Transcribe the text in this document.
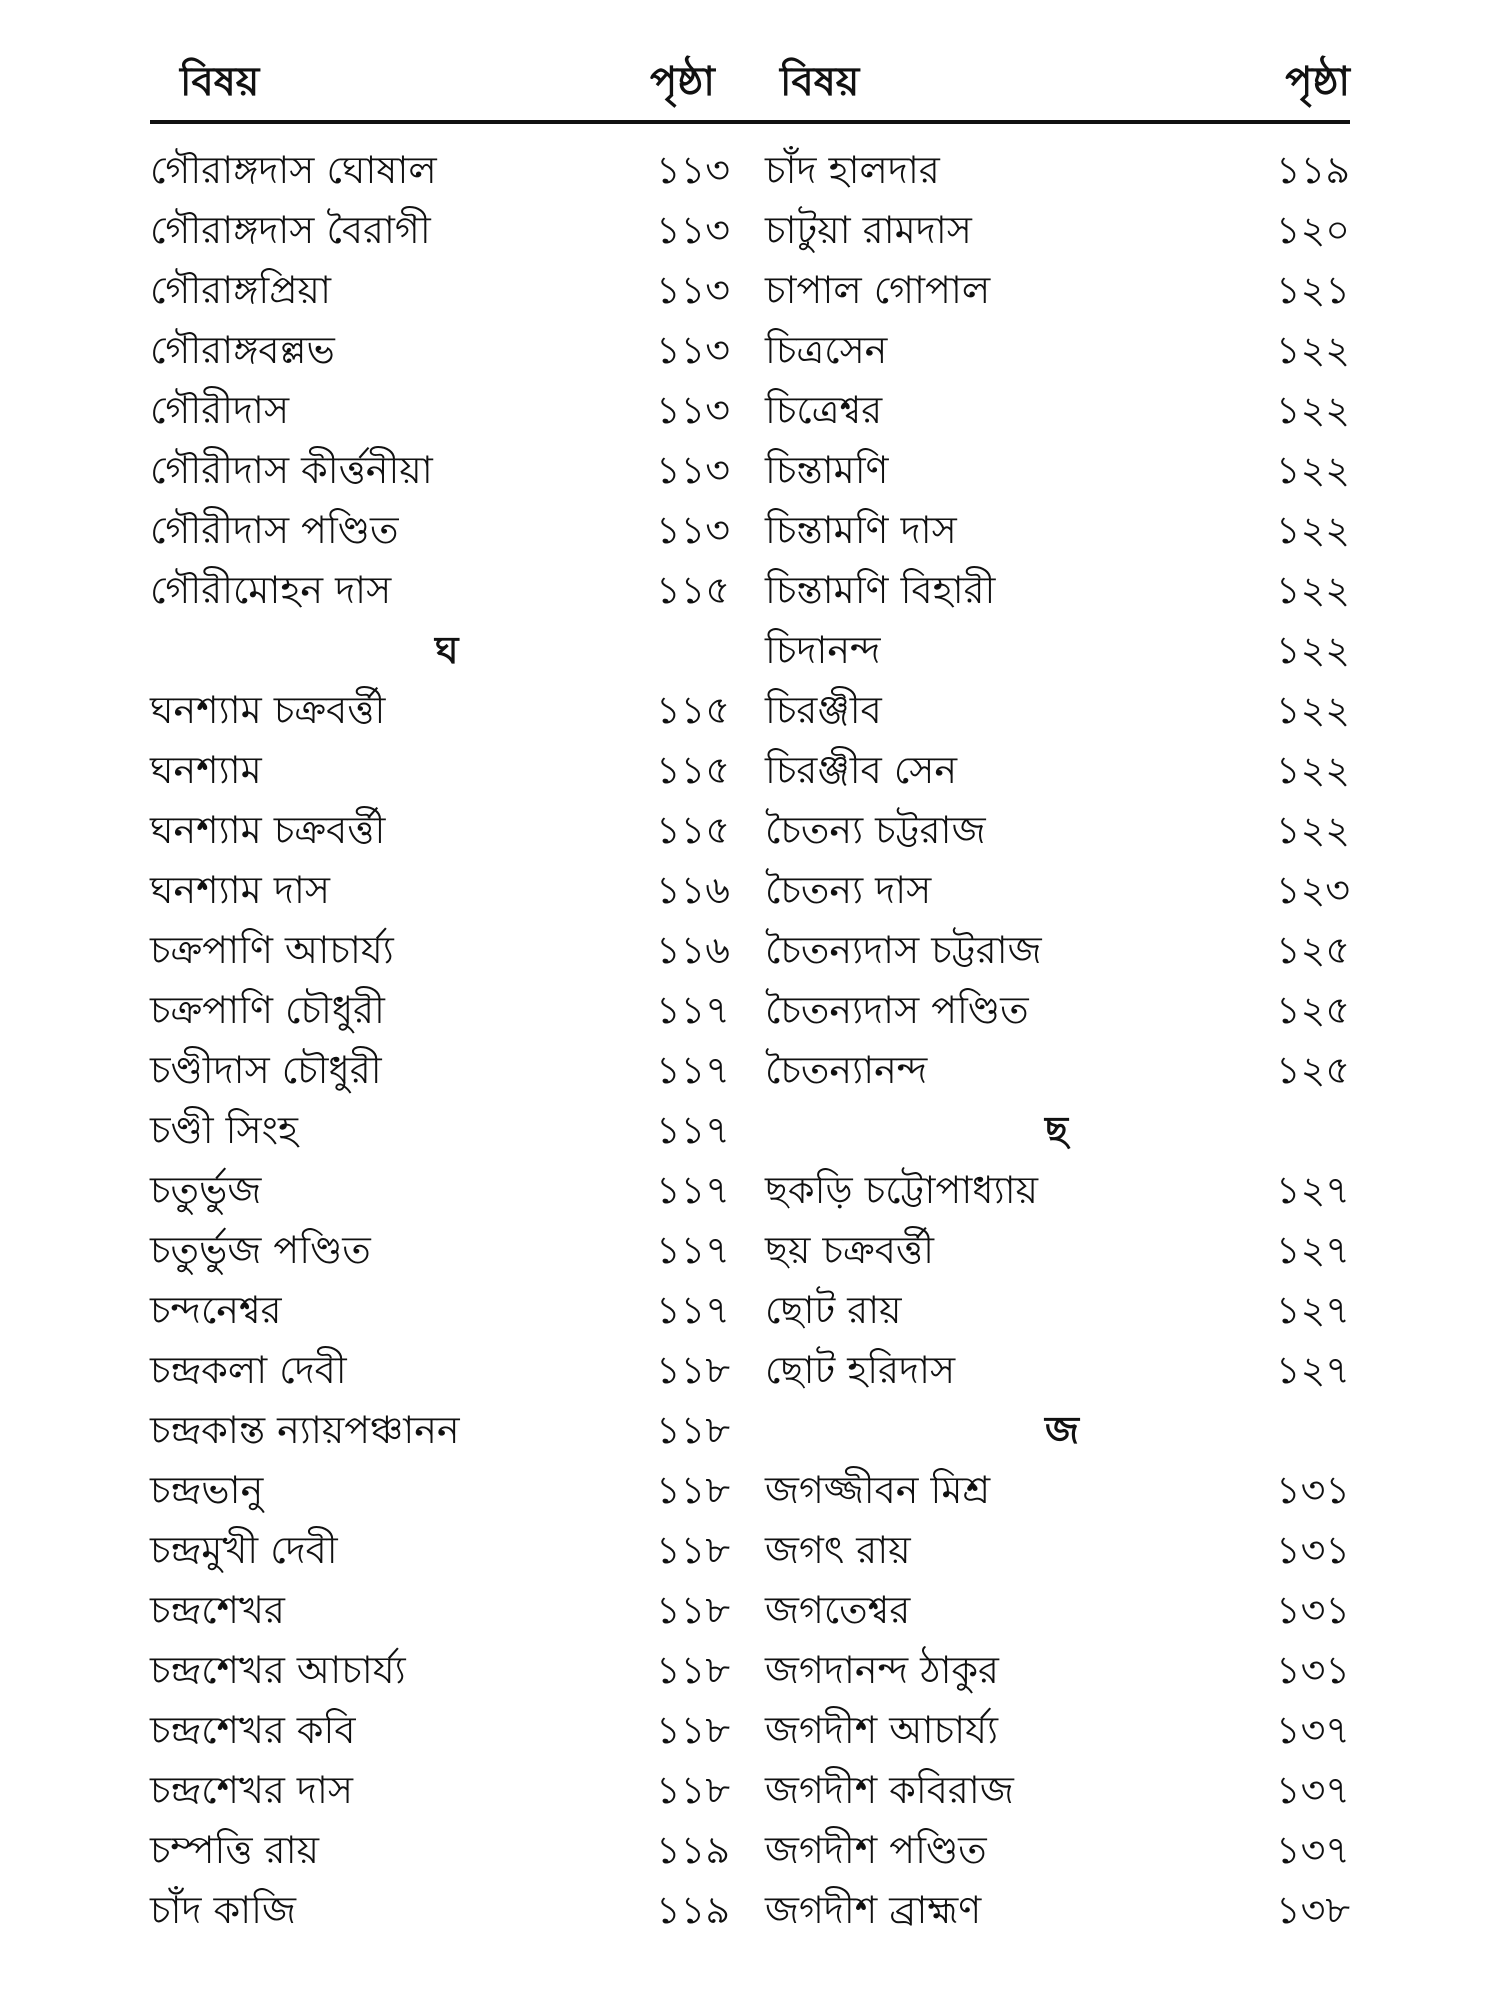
বিষয়	পৃষ্ঠা বিষয়	পৃষ্ঠা
গৌরাঙ্গদাস ঘোষাল	১১৩
গৌরাঙ্গদাস বৈরাগী	১১৩
গৌরাঙ্গপ্রিয়া	১১৩
গৌরাঙ্গবল্লভ	১১৩
গৌরীদাস	১১৩
গৌরীদাস কীর্ত্তনীয়া	১১৩
গৌরীদাস পণ্ডিত	১১৩
গৌরীমোহন দাস	১১৫
ঘ
ঘনশ্যাম চক্রবর্ত্তী	১১৫
ঘনশ্যাম	১১৫
ঘনশ্যাম চক্রবর্ত্তী	১১৫
ঘনশ্যাম দাস	১১৬
চক্রপাণি আচার্য্য	১১৬
চক্রপাণি চৌধুরী	১১৭
চণ্ডীদাস চৌধুরী	১১৭
চণ্ডী সিংহ	১১৭
চতুর্ভুজ	১১৭
চতুর্ভুজ পণ্ডিত	১১৭
চন্দনেশ্বর	১১৭
চন্দ্রকলা দেবী	১১৮
চন্দ্রকান্ত ন্যায়পঞ্চানন	১১৮
চন্দ্রভানু	১১৮
চন্দ্রমুখী দেবী	১১৮
চন্দ্রশেখর	১১৮
চন্দ্রশেখর আচার্য্য	১১৮
চন্দ্রশেখর কবি	১১৮
চন্দ্রশেখর দাস	১১৮
চম্পত্তি রায়	১১৯
চাঁদ কাজি	১১৯
চাঁদ হালদার	১১৯
চাটুয়া রামদাস	১২০
চাপাল গোপাল	১২১
চিত্রসেন	১২২
চিত্রেশ্বর	১২২
চিন্তামণি	১২২
চিন্তামণি দাস	১২২
চিন্তামণি বিহারী	১২২
চিদানন্দ	১২২
চিরঞ্জীব	১২২
চিরঞ্জীব সেন	১২২
চৈতন্য চট্টরাজ	১২২
চৈতন্য দাস	১২৩
চৈতন্যদাস চট্টরাজ	১২৫
চৈতন্যদাস পণ্ডিত	১২৫
চৈতন্যানন্দ	১২৫
ছ
ছকড়ি চট্টোপাধ্যায়	১২৭
ছয় চক্রবর্ত্তী	১২৭
ছোট রায়	১২৭
ছোট হরিদাস	১২৭
জ
জগজ্জীবন মিশ্র	১৩১
জগৎ রায়	১৩১
জগতেশ্বর	১৩১
জগদানন্দ ঠাকুর	১৩১
জগদীশ আচার্য্য	১৩৭
জগদীশ কবিরাজ	১৩৭
জগদীশ পণ্ডিত	১৩৭
জগদীশ ব্রাহ্মণ	১৩৮
